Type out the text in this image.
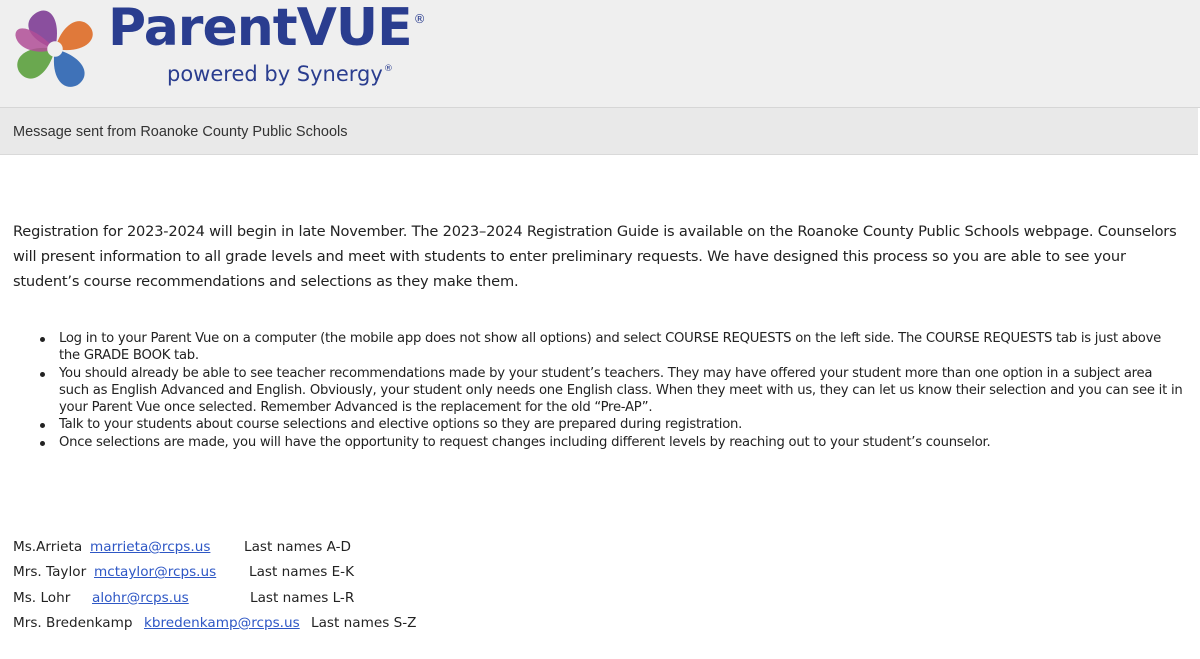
ParentVUE ®
powered by Synergy®
Message sent from Roanoke County Public Schools

Registration for 2023-2024 will begin in late November. The 2023–2024 Registration Guide is available on the Roanoke County Public Schools webpage. Counselors will present information to all grade levels and meet with students to enter preliminary requests. We have designed this process so you are able to see your student’s course recommendations and selections as they make them.

Log in to your Parent Vue on a computer (the mobile app does not show all options) and select COURSE REQUESTS on the left side. The COURSE REQUESTS tab is just above the GRADE BOOK tab.
You should already be able to see teacher recommendations made by your student’s teachers. They may have offered your student more than one option in a subject area such as English Advanced and English. Obviously, your student only needs one English class. When they meet with us, they can let us know their selection and you can see it in your Parent Vue once selected. Remember Advanced is the replacement for the old “Pre-AP”.
Talk to your students about course selections and elective options so they are prepared during registration.
Once selections are made, you will have the opportunity to request changes including different levels by reaching out to your student’s counselor.
Ms.Arrieta marrieta@rcps.us Last names A-D
Mrs. Taylor mctaylor@rcps.us Last names E-K
Ms. Lohr alohr@rcps.us	Last names L-R
Mrs. Bredenkamp kbredenkamp@rcps.us Last names S-Z
